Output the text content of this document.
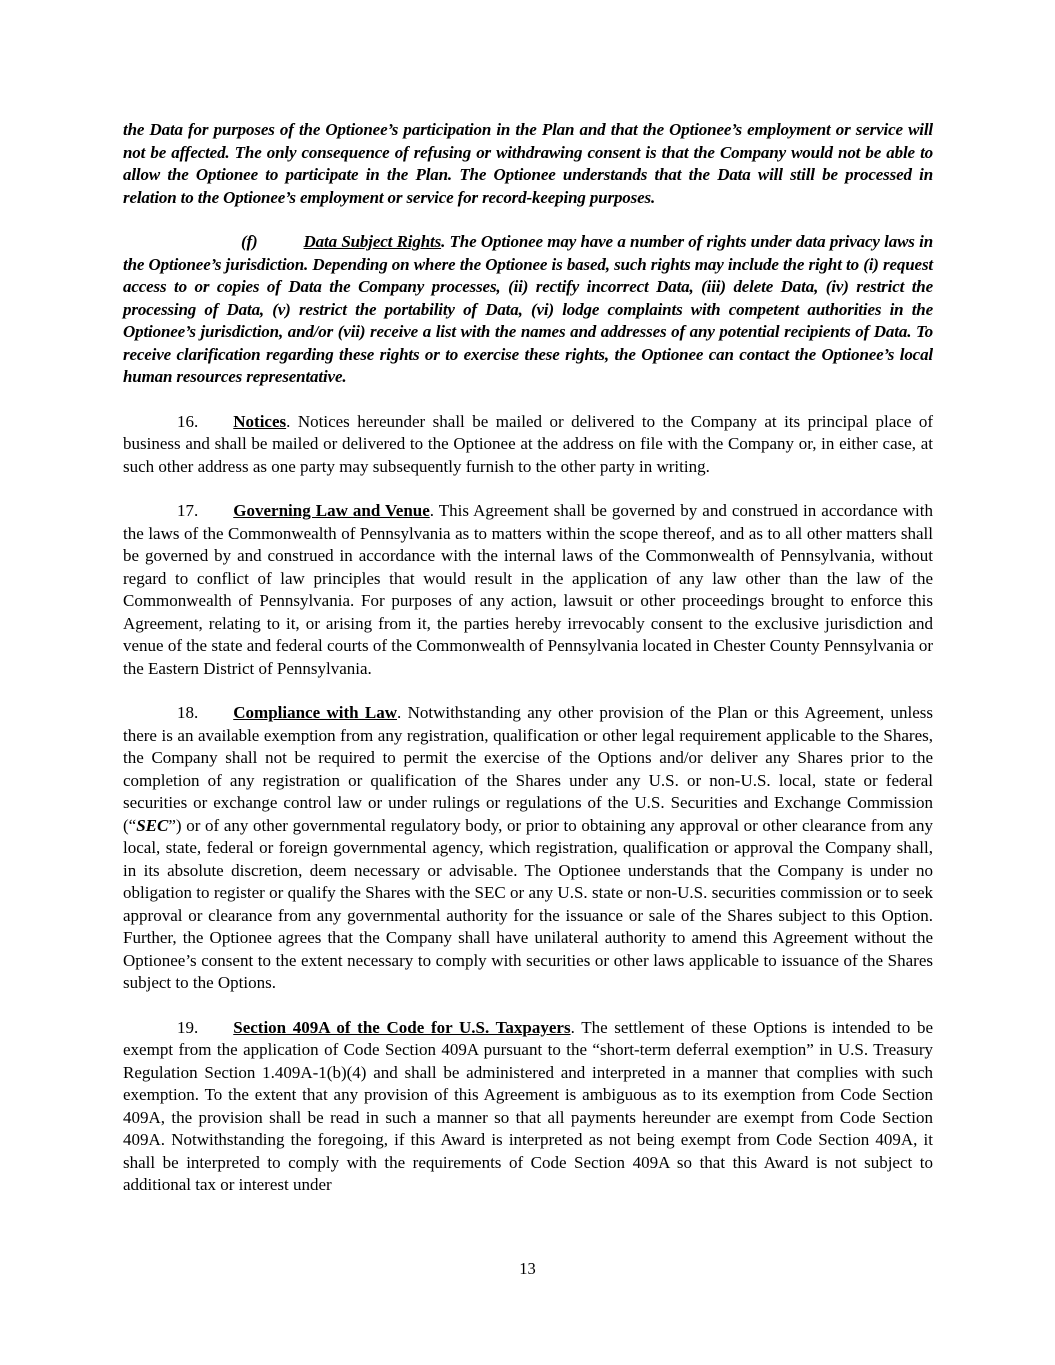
the Data for purposes of the Optionee’s participation in the Plan and that the Optionee’s employment or service will not be affected. The only consequence of refusing or withdrawing consent is that the Company would not be able to allow the Optionee to participate in the Plan. The Optionee understands that the Data will still be processed in relation to the Optionee’s employment or service for record-keeping purposes.

(f)	Data Subject Rights. The Optionee may have a number of rights under data privacy laws in the Optionee’s jurisdiction. Depending on where the Optionee is based, such rights may include the right to (i) request access to or copies of Data the Company processes, (ii) rectify incorrect Data, (iii) delete Data, (iv) restrict the processing of Data, (v) restrict the portability of Data, (vi) lodge complaints with competent authorities in the Optionee’s jurisdiction, and/or (vii) receive a list with the names and addresses of any potential recipients of Data. To receive clarification regarding these rights or to exercise these rights, the Optionee can contact the Optionee’s local human resources representative.

16. Notices. Notices hereunder shall be mailed or delivered to the Company at its principal place of business and shall be mailed or delivered to the Optionee at the address on file with the Company or, in either case, at such other address as one party may subsequently furnish to the other party in writing.

17. Governing Law and Venue. This Agreement shall be governed by and construed in accordance with the laws of the Commonwealth of Pennsylvania as to matters within the scope thereof, and as to all other matters shall be governed by and construed in accordance with the internal laws of the Commonwealth of Pennsylvania, without regard to conflict of law principles that would result in the application of any law other than the law of the Commonwealth of Pennsylvania. For purposes of any action, lawsuit or other proceedings brought to enforce this Agreement, relating to it, or arising from it, the parties hereby irrevocably consent to the exclusive jurisdiction and venue of the state and federal courts of the Commonwealth of Pennsylvania located in Chester County Pennsylvania or the Eastern District of Pennsylvania.

18. Compliance with Law. Notwithstanding any other provision of the Plan or this Agreement, unless there is an available exemption from any registration, qualification or other legal requirement applicable to the Shares, the Company shall not be required to permit the exercise of the Options and/or deliver any Shares prior to the completion of any registration or qualification of the Shares under any U.S. or non-U.S. local, state or federal securities or exchange control law or under rulings or regulations of the U.S. Securities and Exchange Commission (“SEC”) or of any other governmental regulatory body, or prior to obtaining any approval or other clearance from any local, state, federal or foreign governmental agency, which registration, qualification or approval the Company shall, in its absolute discretion, deem necessary or advisable. The Optionee understands that the Company is under no obligation to register or qualify the Shares with the SEC or any U.S. state or non-U.S. securities commission or to seek approval or clearance from any governmental authority for the issuance or sale of the Shares subject to this Option. Further, the Optionee agrees that the Company shall have unilateral authority to amend this Agreement without the Optionee’s consent to the extent necessary to comply with securities or other laws applicable to issuance of the Shares subject to the Options.

19. Section 409A of the Code for U.S. Taxpayers. The settlement of these Options is intended to be exempt from the application of Code Section 409A pursuant to the “short-term deferral exemption” in U.S. Treasury Regulation Section 1.409A-1(b)(4) and shall be administered and interpreted in a manner that complies with such exemption. To the extent that any provision of this Agreement is ambiguous as to its exemption from Code Section 409A, the provision shall be read in such a manner so that all payments hereunder are exempt from Code Section 409A. Notwithstanding the foregoing, if this Award is interpreted as not being exempt from Code Section 409A, it shall be interpreted to comply with the requirements of Code Section 409A so that this Award is not subject to additional tax or interest under

13
